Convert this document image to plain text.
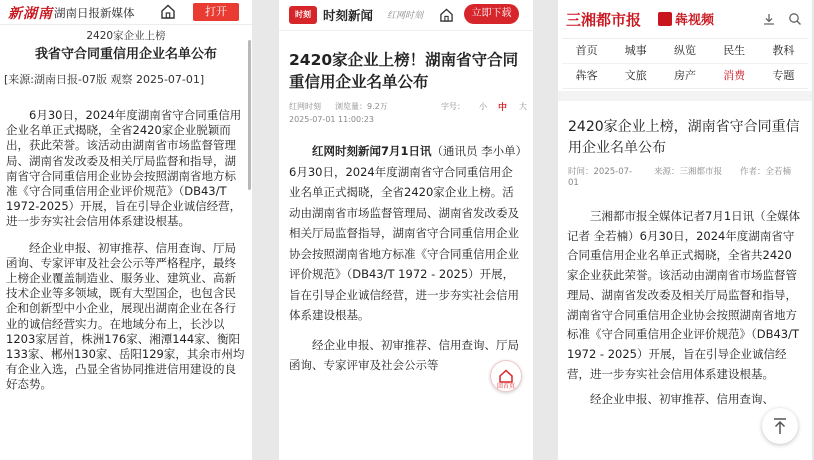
新湖南 湖南日报新媒体	打开
2420家企业上榜
我省守合同重信用企业名单公布
[来源:湖南日报-07版 观察 2025-07-01]

6月30日，2024年度湖南省守合同重信用企业名单正式揭晓，全省2420家企业脱颖而出，获此荣誉。该活动由湖南省市场监督管理局、湖南省发改委及相关厅局监督和指导，湖南省守合同重信用企业协会按照湖南省地方标准《守合同重信用企业评价规范》（DB43/T 1972-2025）开展，旨在引导企业诚信经营，进一步夯实社会信用体系建设根基。

经企业申报、初审推荐、信用查询、厅局函询、专家评审及社会公示等严格程序，最终上榜企业覆盖制造业、服务业、建筑业、高新技术企业等多领域，既有大型国企，也包含民企和创新型中小企业，展现出湖南企业在各行业的诚信经营实力。在地域分布上，长沙以1203家居首，株洲176家、湘潭144家、衡阳133家、郴州130家、岳阳129家，其余市州均有企业入选，凸显全省协同推进信用建设的良好态势。

时刻 时刻新闻 红网时刻	立即下载
2420家企业上榜！湖南省守合同重信用企业名单公布
红网时刻 浏览量：9.2万	字号： 小 中 大
2025-07-01 11:00:23

红网时刻新闻7月1日讯（通讯员 李小单）6月30日，2024年度湖南省守合同重信用企业名单正式揭晓，全省2420家企业上榜。活动由湖南省市场监督管理局、湖南省发改委及相关厅局监督指导，湖南省守合同重信用企业协会按照湖南省地方标准《守合同重信用企业评价规范》（DB43/T 1972 - 2025）开展，旨在引导企业诚信经营，进一步夯实社会信用体系建设根基。

经企业申报、初审推荐、信用查询、厅局函询、专家评审及社会公示等

回首页
三湘都市报	犇视频
首页	城事	纵览	民生	教科
犇客	文旅	房产	消费	专题
2420家企业上榜，湖南省守合同重信用企业名单公布
时间：2025-07-01
来源：三湘都市报	作者：全若楠

三湘都市报全媒体记者7月1日讯（全媒体记者 全若楠）6月30日，2024年度湖南省守合同重信用企业名单正式揭晓，全省共2420家企业获此荣誉。该活动由湖南省市场监督管理局、湖南省发改委及相关厅局监督和指导，湖南省守合同重信用企业协会按照湖南省地方标准《守合同重信用企业评价规范》（DB43/T 1972 - 2025）开展，旨在引导企业诚信经营，进一步夯实社会信用体系建设根基。

经企业申报、初审推荐、信用查询、
